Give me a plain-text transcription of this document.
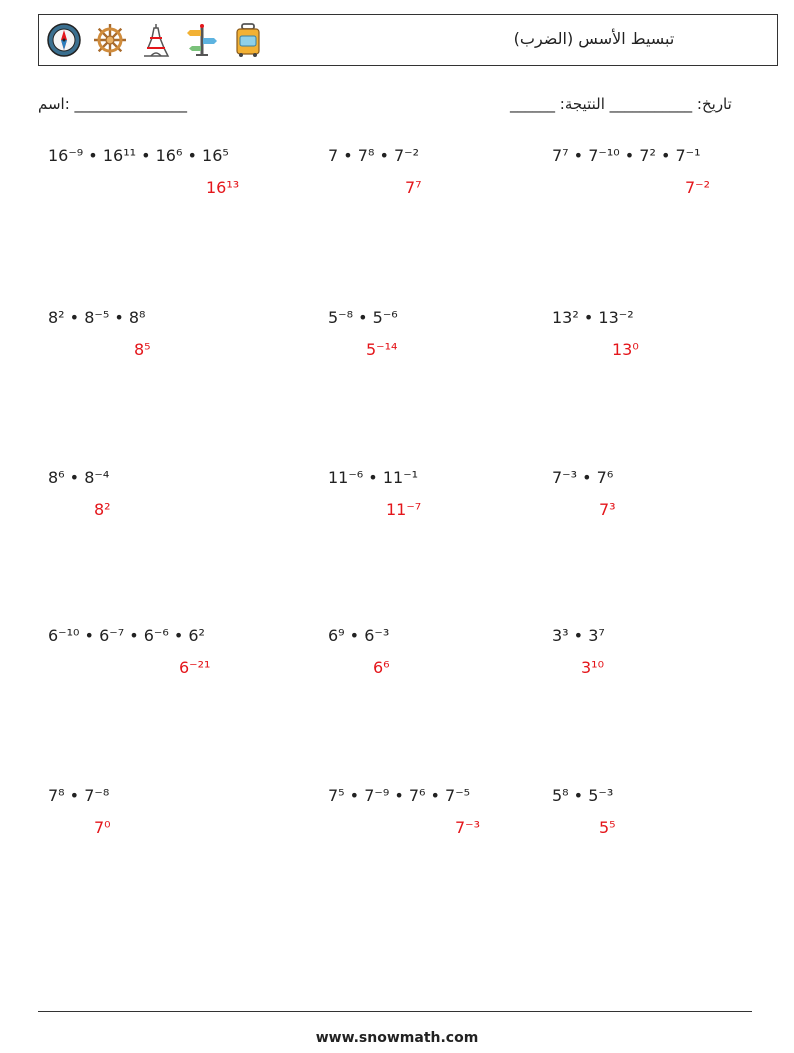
(تبسيط الأسس (الضرب
اسم: _______________	______ :تاريخ: ___________ النتيجة
16⁻⁹ • 16¹¹ • 16⁶ • 16⁵
16¹³
7 • 7⁸ • 7⁻²
7⁷
7⁷ • 7⁻¹⁰ • 7² • 7⁻¹
7⁻²
8² • 8⁻⁵ • 8⁸
8⁵
5⁻⁸ • 5⁻⁶
5⁻¹⁴
13² • 13⁻²
13⁰
8⁶ • 8⁻⁴
8²
11⁻⁶ • 11⁻¹
11⁻⁷
7⁻³ • 7⁶
7³
6⁻¹⁰ • 6⁻⁷ • 6⁻⁶ • 6²
6⁻²¹
6⁹ • 6⁻³
6⁶
3³ • 3⁷
3¹⁰
7⁸ • 7⁻⁸
7⁰
7⁵ • 7⁻⁹ • 7⁶ • 7⁻⁵
7⁻³
5⁸ • 5⁻³
5⁵
www.snowmath.com
